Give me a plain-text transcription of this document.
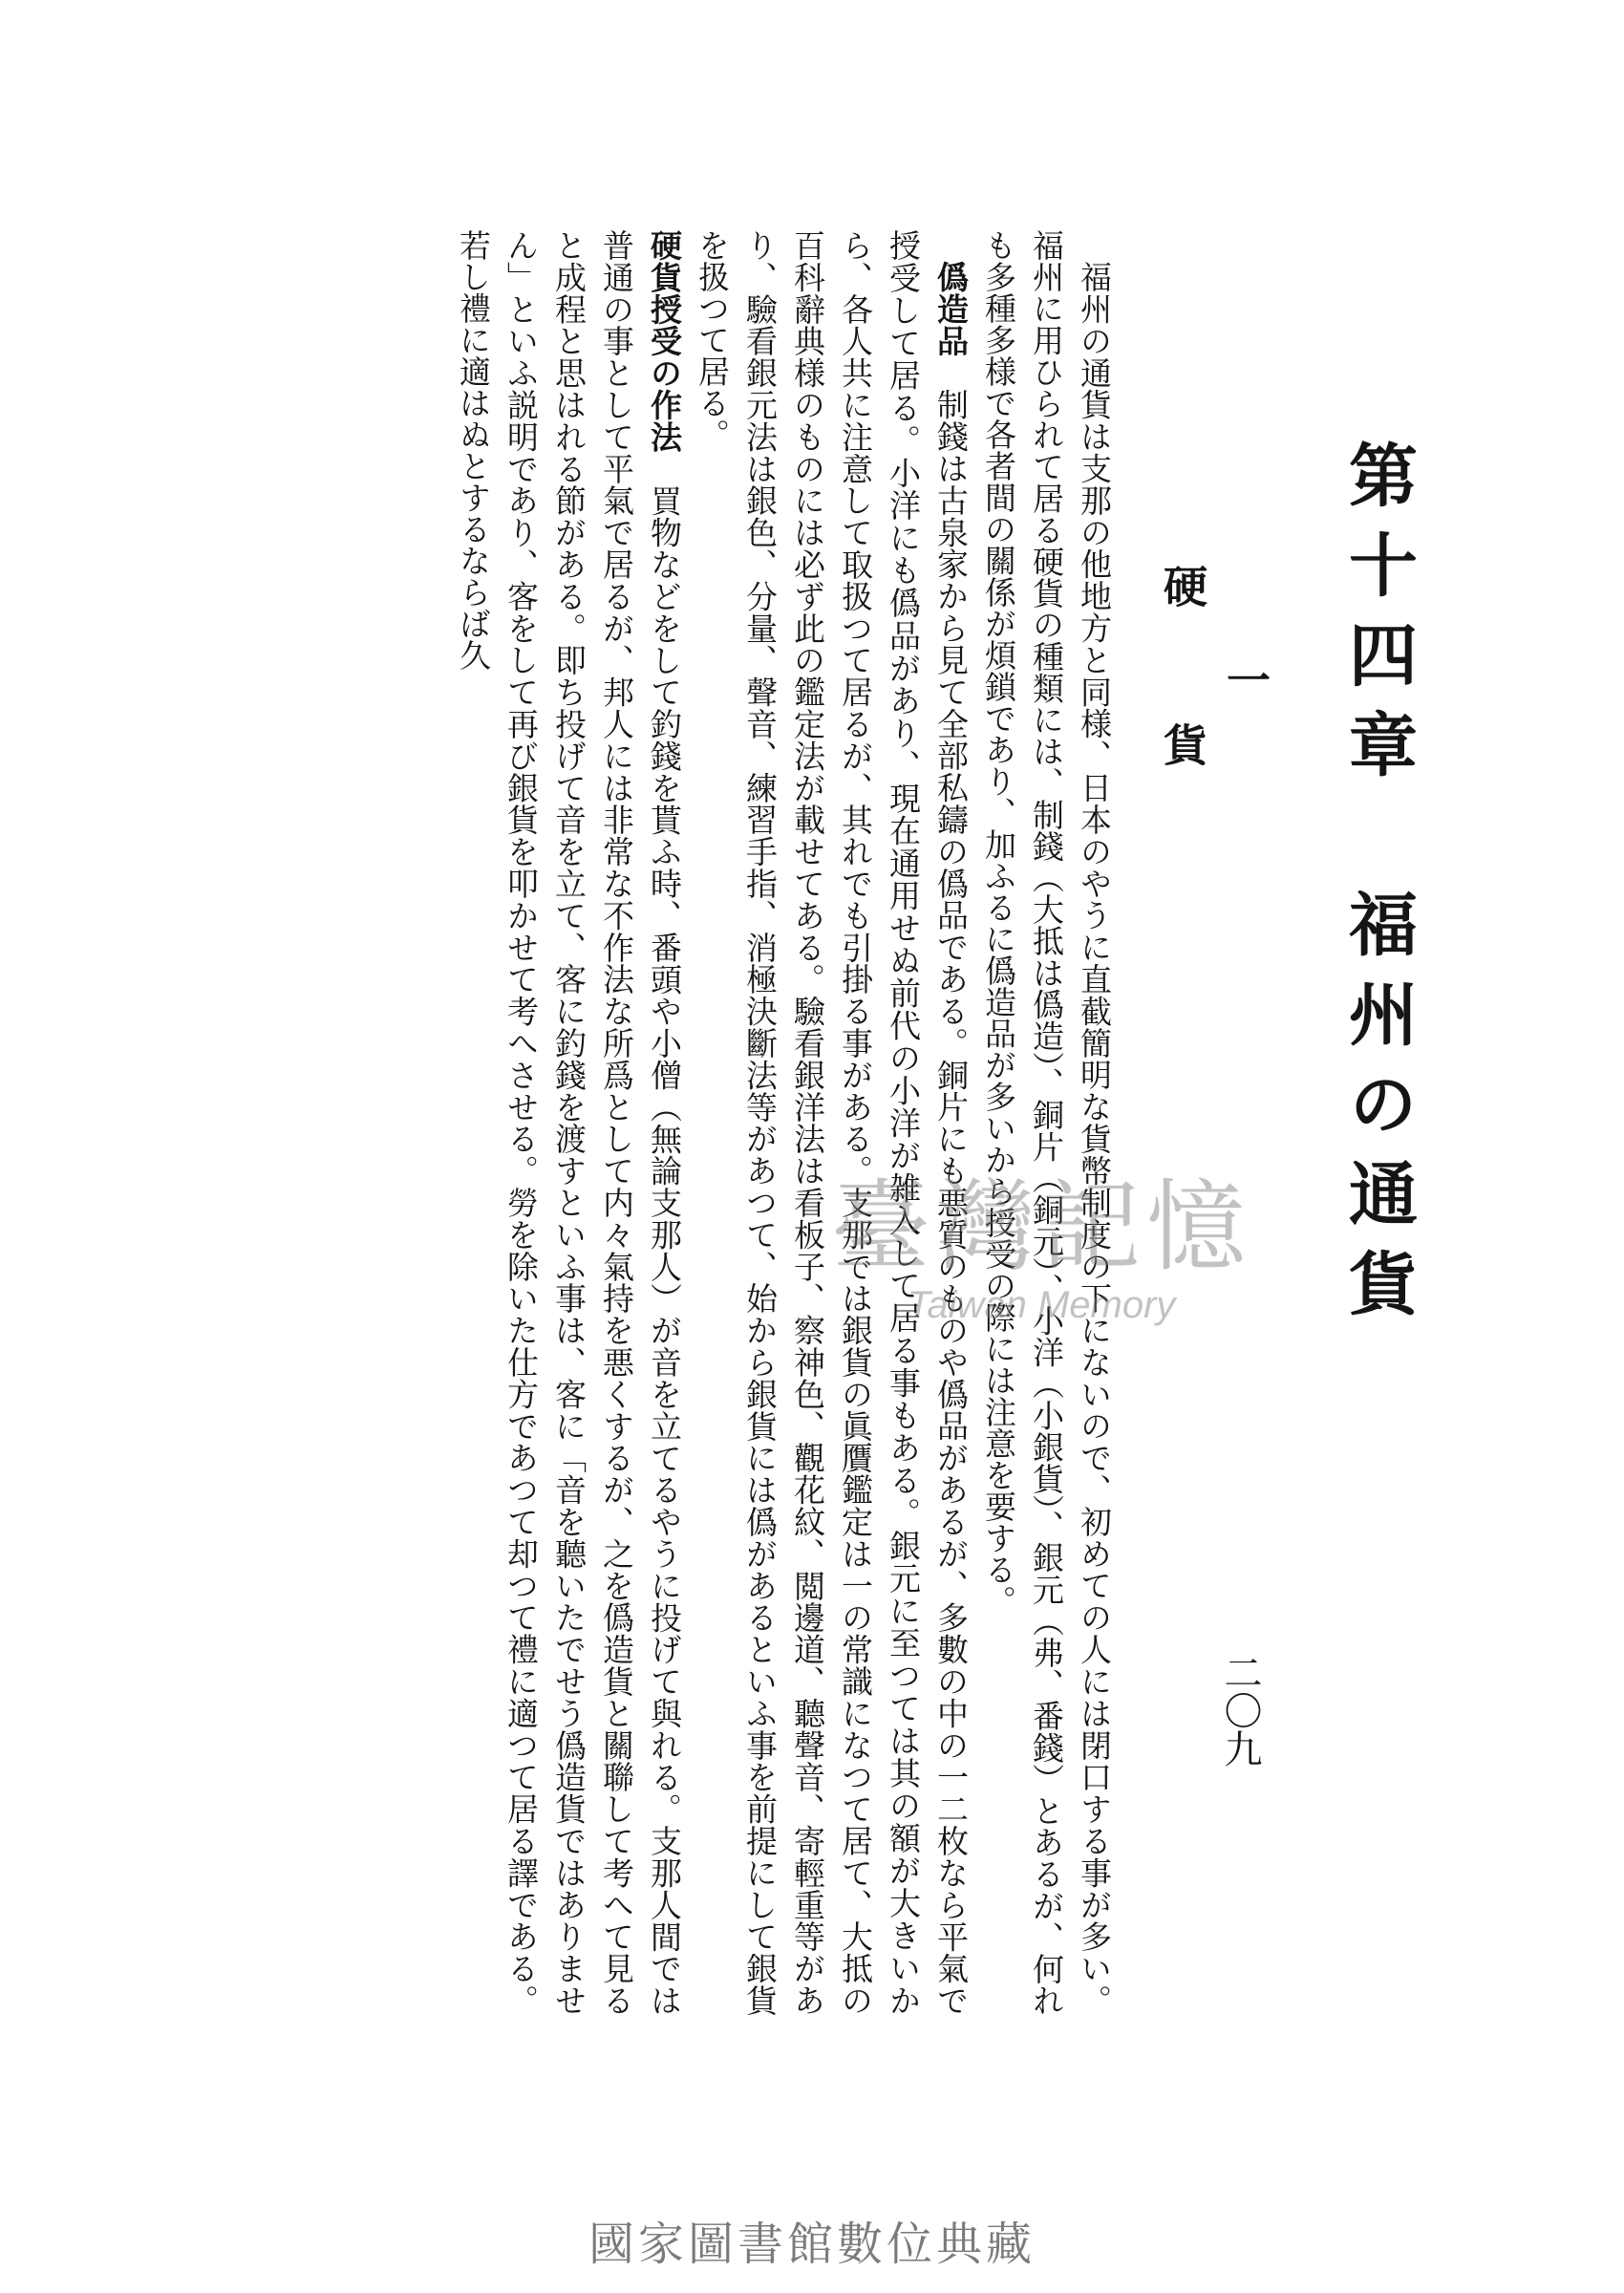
第十四章　福州の通貨
一
硬貨

福州の通貨は支那の他地方と同様、日本のやうに直截簡明な貨幣制度の下にないので、初めての人には閉口する事が多い。福州に用ひられて居る硬貨の種類には、制錢（大抵は僞造）、銅片（銅元）、小洋（小銀貨）、銀元（弗、番錢）とあるが、何れも多種多様で各者間の關係が煩鎖であり、加ふるに僞造品が多いから授受の際には注意を要する。

僞造品　制錢は古泉家から見て全部私鑄の僞品である。銅片にも悪質のものや僞品があるが、多數の中の一二枚なら平氣で授受して居る。小洋にも僞品があり、現在通用せぬ前代の小洋が雑入して居る事もある。銀元に至つては其の額が大きいから、各人共に注意して取扱つて居るが、其れでも引掛る事がある。支那では銀貨の眞贋鑑定は一の常識になつて居て、大抵の百科辭典様のものには必ず此の鑑定法が載せてある。驗看銀洋法は看板子、察神色、觀花紋、閲邊道、聽聲音、寄輕重等があり、驗看銀元法は銀色、分量、聲音、練習手指、消極決斷法等があつて、始から銀貨には僞があるといふ事を前提にして銀貨を扱つて居る。

硬貨授受の作法　買物などをして釣錢を貰ふ時、番頭や小僧（無論支那人）が音を立てるやうに投げて與れる。支那人間では普通の事として平氣で居るが、邦人には非常な不作法な所爲として内々氣持を悪くするが、之を僞造貨と關聯して考へて見ると成程と思はれる節がある。即ち投げて音を立て、客に釣錢を渡すといふ事は、客に「音を聽いたでせう僞造貨ではありません」といふ説明であり、客をして再び銀貨を叩かせて考へさせる。勞を除いた仕方であつて却つて禮に適つて居る譯である。若し禮に適はぬとするならば久

二〇九
臺灣記憶
Taiwan Memory
國家圖書館數位典藏
